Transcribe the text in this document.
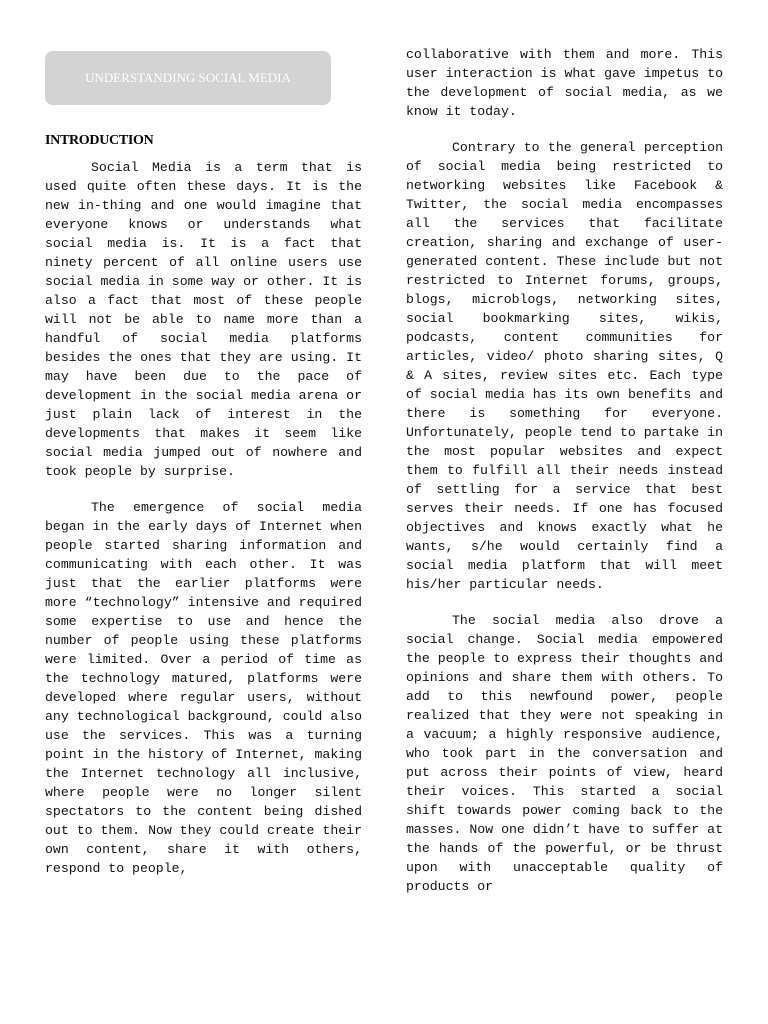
UNDERSTANDING SOCIAL MEDIA
INTRODUCTION

Social Media is a term that is used quite often these days. It is the new in-thing and one would imagine that everyone knows or understands what social media is. It is a fact that ninety percent of all online users use social media in some way or other. It is also a fact that most of these people will not be able to name more than a handful of social media platforms besides the ones that they are using. It may have been due to the pace of development in the social media arena or just plain lack of interest in the developments that makes it seem like social media jumped out of nowhere and took people by surprise.

The emergence of social media began in the early days of Internet when people started sharing information and communicating with each other. It was just that the earlier platforms were more “technology” intensive and required some expertise to use and hence the number of people using these platforms were limited. Over a period of time as the technology matured, platforms were developed where regular users, without any technological background, could also use the services. This was a turning point in the history of Internet, making the Internet technology all inclusive, where people were no longer silent spectators to the content being dished out to them. Now they could create their own content, share it with others, respond to people,

collaborative with them and more. This user interaction is what gave impetus to the development of social media, as we know it today.

Contrary to the general perception of social media being restricted to networking websites like Facebook & Twitter, the social media encompasses all the services that facilitate creation, sharing and exchange of user-generated content. These include but not restricted to Internet forums, groups, blogs, microblogs, networking sites, social bookmarking sites, wikis, podcasts, content communities for articles, video/ photo sharing sites, Q & A sites, review sites etc. Each type of social media has its own benefits and there is something for everyone. Unfortunately, people tend to partake in the most popular websites and expect them to fulfill all their needs instead of settling for a service that best serves their needs. If one has focused objectives and knows exactly what he wants, s/he would certainly find a social media platform that will meet his/her particular needs.

The social media also drove a social change. Social media empowered the people to express their thoughts and opinions and share them with others. To add to this newfound power, people realized that they were not speaking in a vacuum; a highly responsive audience, who took part in the conversation and put across their points of view, heard their voices. This started a social shift towards power coming back to the masses. Now one didn’t have to suffer at the hands of the powerful, or be thrust upon with unacceptable quality of products or
